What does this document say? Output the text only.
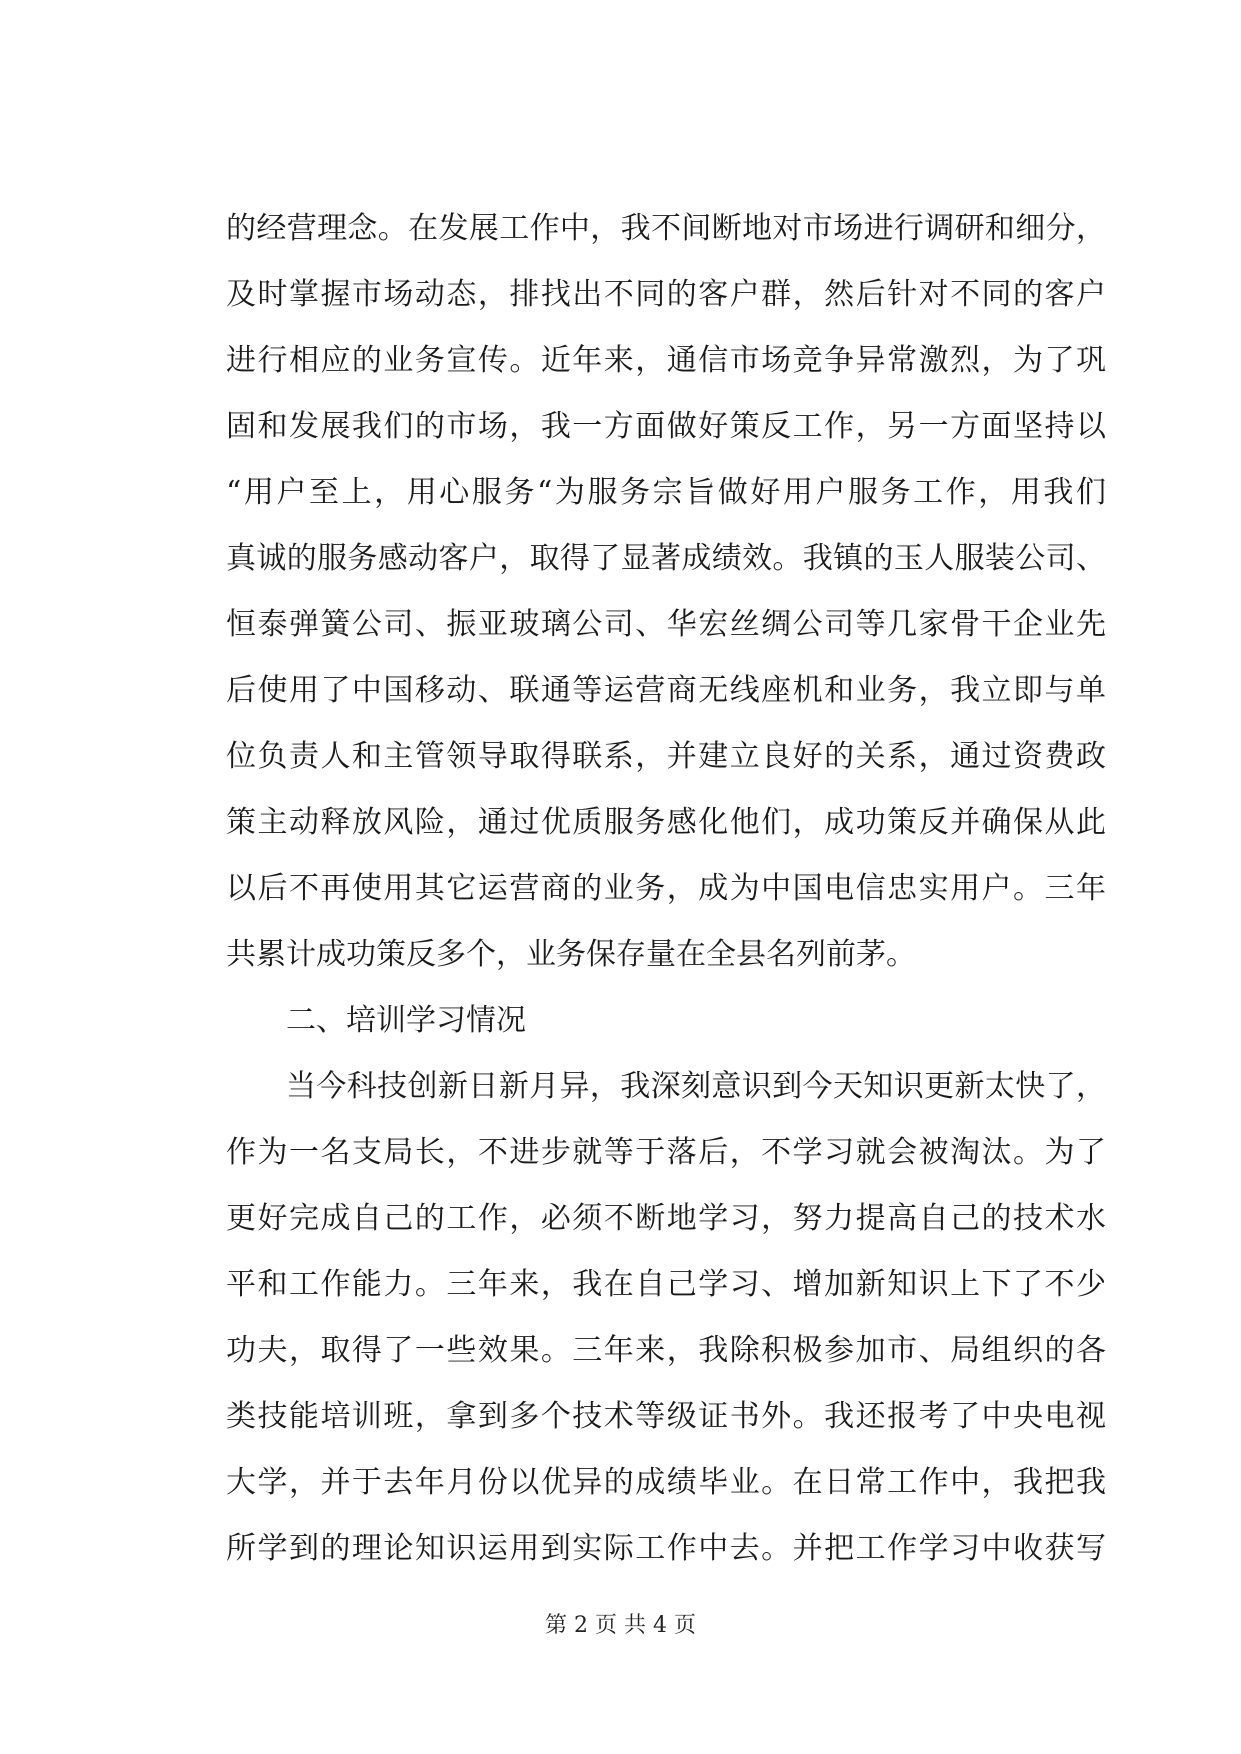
的经营理念。在发展工作中，我不间断地对市场进行调研和细分，
及时掌握市场动态，排找出不同的客户群，然后针对不同的客户
进行相应的业务宣传。近年来，通信市场竞争异常激烈，为了巩
固和发展我们的市场，我一方面做好策反工作，另一方面坚持以
“用户至上，用心服务“为服务宗旨做好用户服务工作，用我们
真诚的服务感动客户，取得了显著成绩效。我镇的玉人服装公司、
恒泰弹簧公司、振亚玻璃公司、华宏丝绸公司等几家骨干企业先
后使用了中国移动、联通等运营商无线座机和业务，我立即与单
位负责人和主管领导取得联系，并建立良好的关系，通过资费政
策主动释放风险，通过优质服务感化他们，成功策反并确保从此
以后不再使用其它运营商的业务，成为中国电信忠实用户。三年
共累计成功策反多个，业务保存量在全县名列前茅。
二、培训学习情况
当今科技创新日新月异，我深刻意识到今天知识更新太快了，
作为一名支局长，不进步就等于落后，不学习就会被淘汰。为了
更好完成自己的工作，必须不断地学习，努力提高自己的技术水
平和工作能力。三年来，我在自己学习、增加新知识上下了不少
功夫，取得了一些效果。三年来，我除积极参加市、局组织的各
类技能培训班，拿到多个技术等级证书外。我还报考了中央电视
大学，并于去年月份以优异的成绩毕业。在日常工作中，我把我
所学到的理论知识运用到实际工作中去。并把工作学习中收获写
第 2 页 共 4 页
